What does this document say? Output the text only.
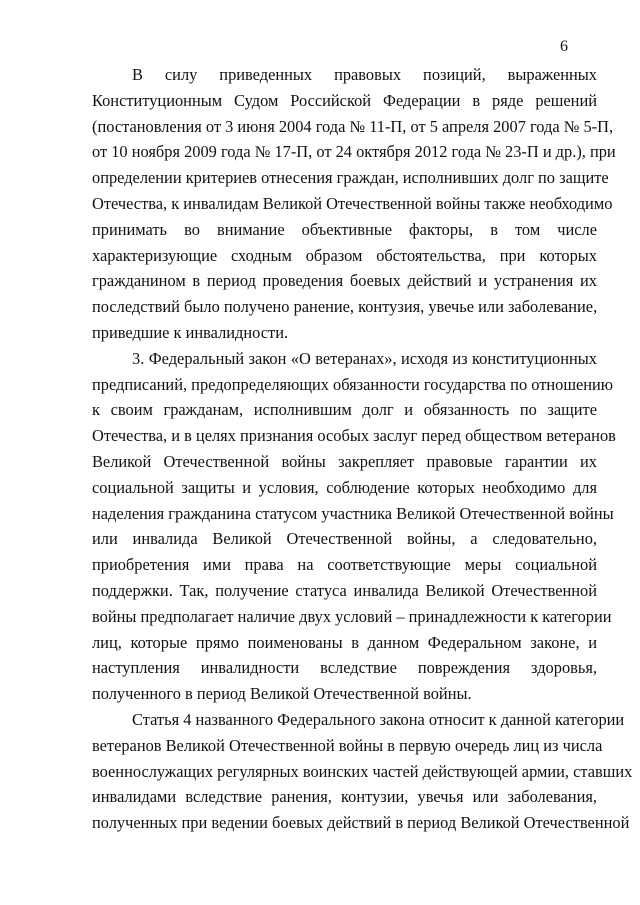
6
В силу приведенных правовых позиций, выраженных
Конституционным Судом Российской Федерации в ряде решений
(постановления от 3 июня 2004 года № 11-П, от 5 апреля 2007 года № 5-П,
от 10 ноября 2009 года № 17-П, от 24 октября 2012 года № 23-П и др.), при
определении критериев отнесения граждан, исполнивших долг по защите
Отечества, к инвалидам Великой Отечественной войны также необходимо
принимать во внимание объективные факторы, в том числе
характеризующие сходным образом обстоятельства, при которых
гражданином в период проведения боевых действий и устранения их
последствий было получено ранение, контузия, увечье или заболевание,
приведшие к инвалидности.
3. Федеральный закон «О ветеранах», исходя из конституционных
предписаний, предопределяющих обязанности государства по отношению
к своим гражданам, исполнившим долг и обязанность по защите
Отечества, и в целях признания особых заслуг перед обществом ветеранов
Великой Отечественной войны закрепляет правовые гарантии их
социальной защиты и условия, соблюдение которых необходимо для
наделения гражданина статусом участника Великой Отечественной войны
или инвалида Великой Отечественной войны, а следовательно,
приобретения ими права на соответствующие меры социальной
поддержки. Так, получение статуса инвалида Великой Отечественной
войны предполагает наличие двух условий – принадлежности к категории
лиц, которые прямо поименованы в данном Федеральном законе, и
наступления инвалидности вследствие повреждения здоровья,
полученного в период Великой Отечественной войны.
Статья 4 названного Федерального закона относит к данной категории
ветеранов Великой Отечественной войны в первую очередь лиц из числа
военнослужащих регулярных воинских частей действующей армии, ставших
инвалидами вследствие ранения, контузии, увечья или заболевания,
полученных при ведении боевых действий в период Великой Отечественной
